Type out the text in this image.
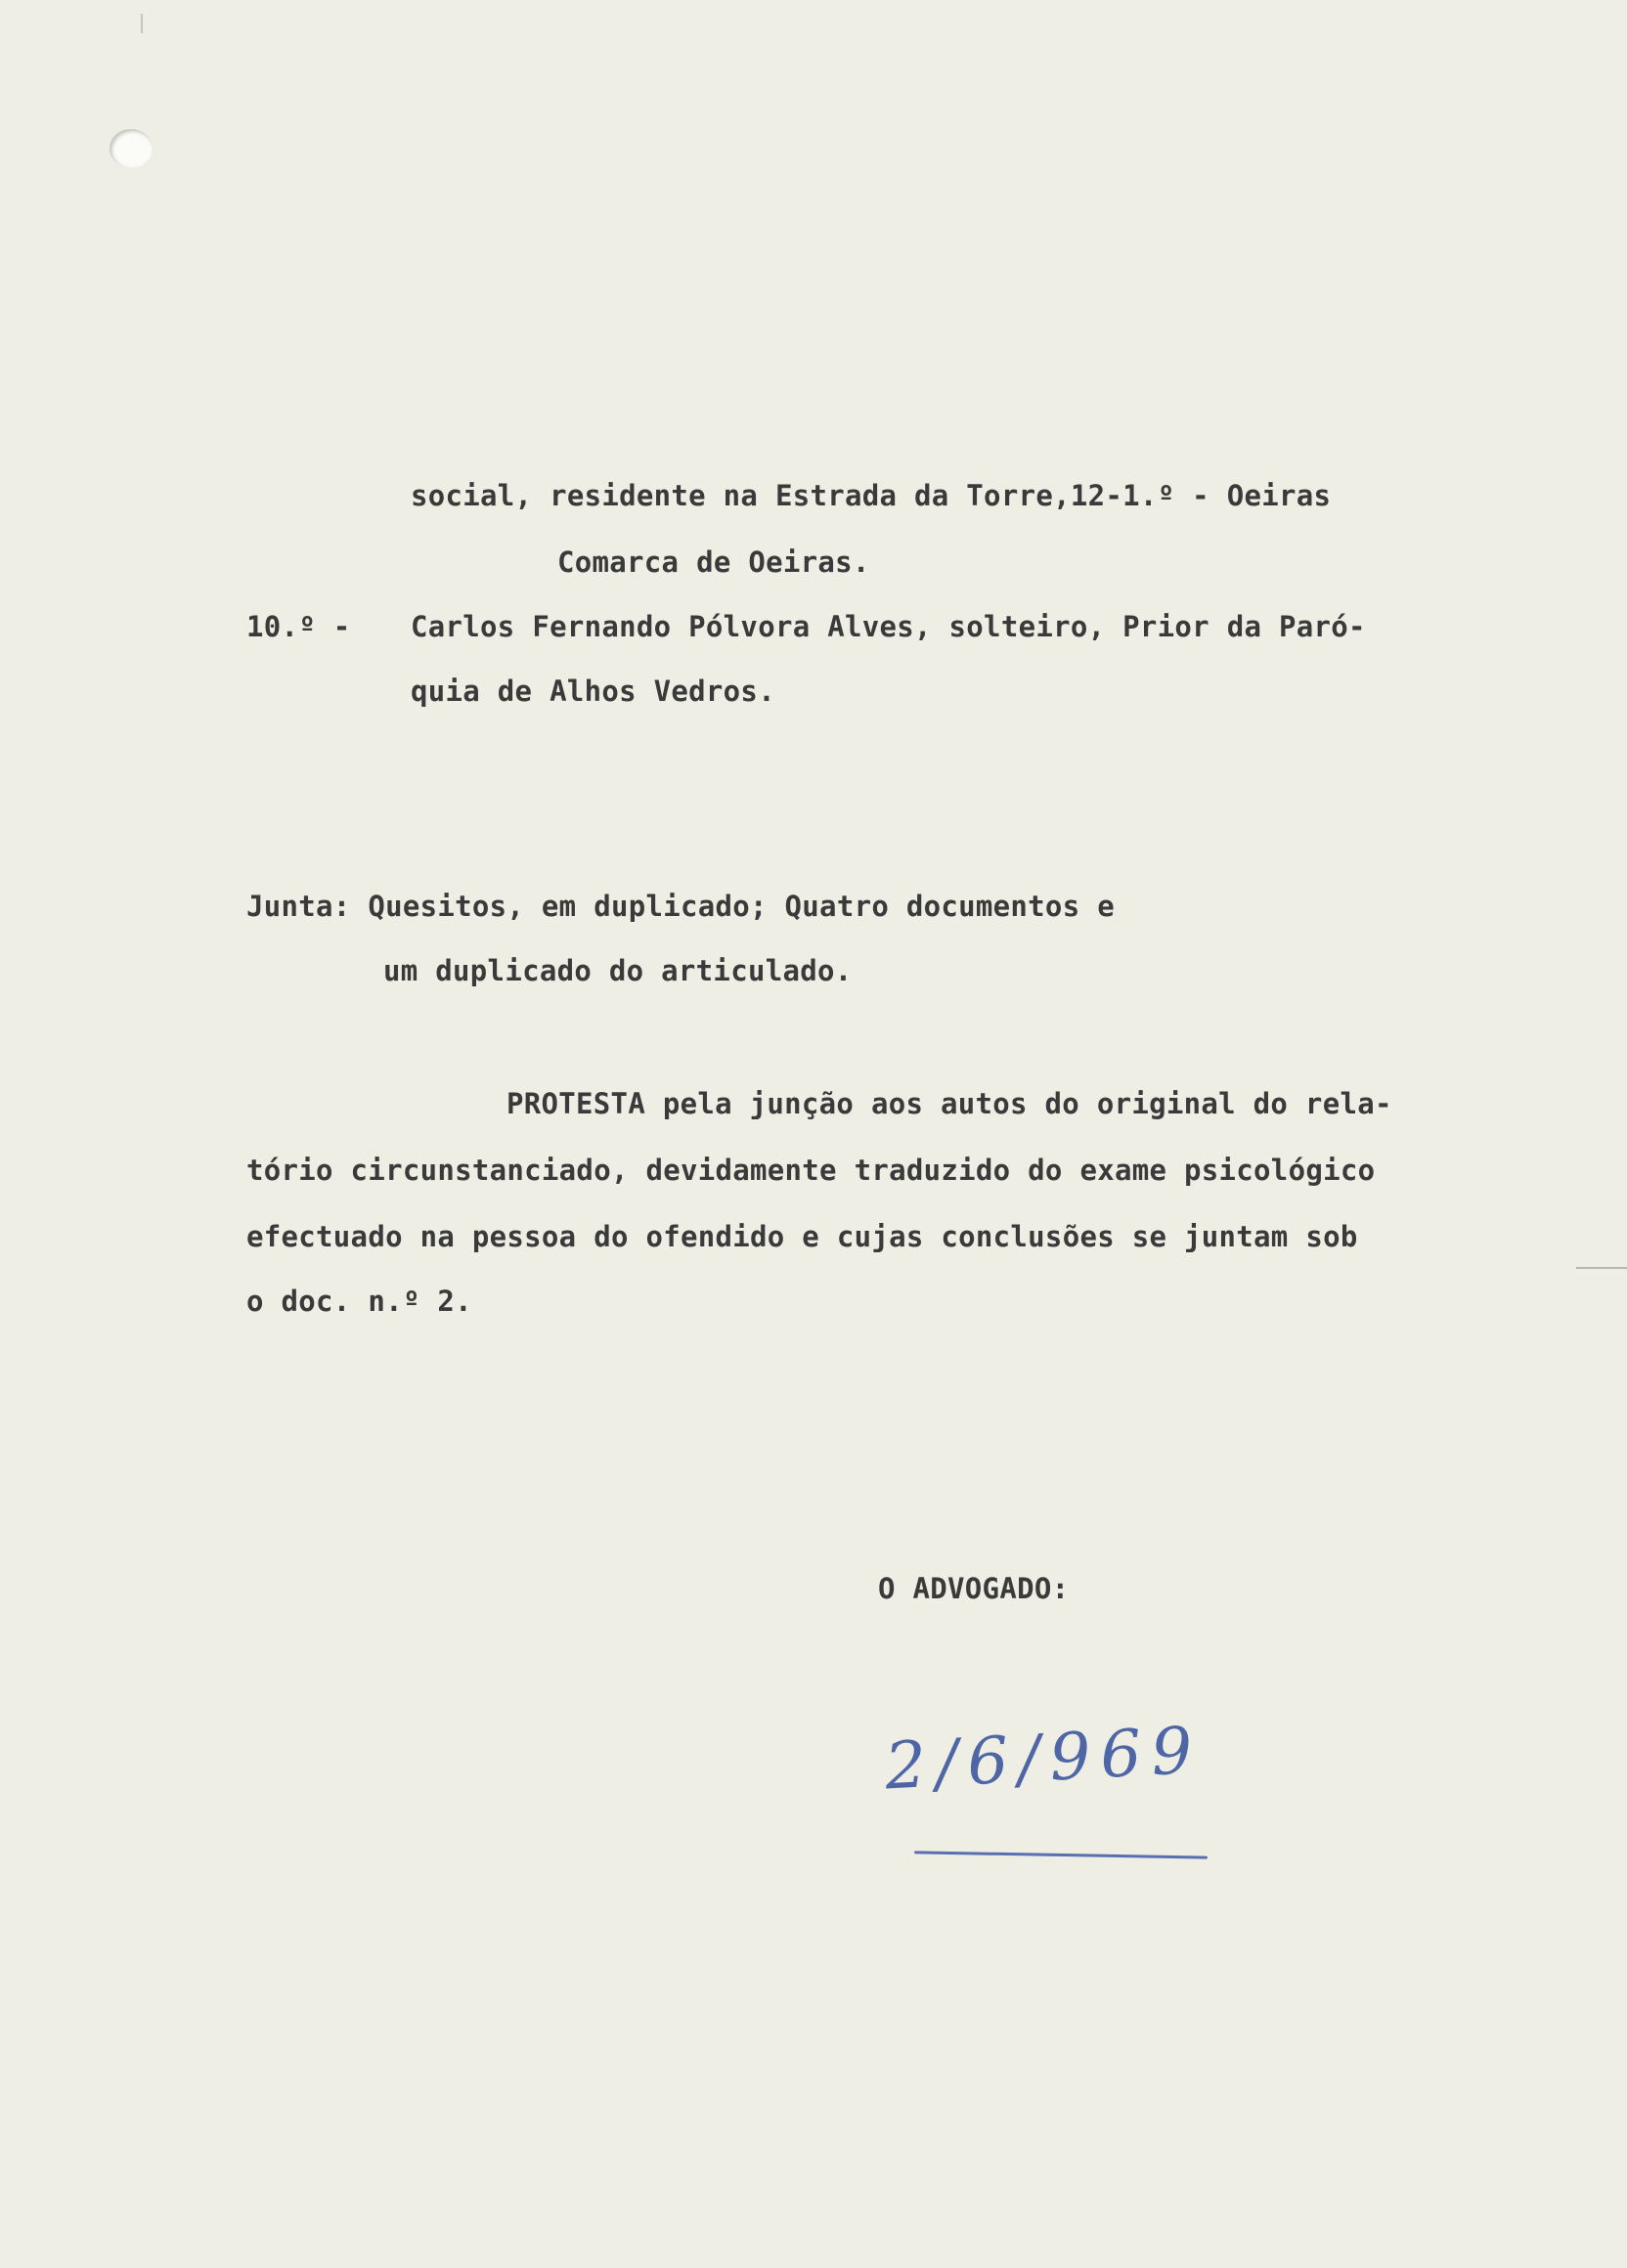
social, residente na Estrada da Torre,12-1.º - Oeiras
Comarca de Oeiras.
10.º - Carlos Fernando Pólvora Alves, solteiro, Prior da Paró-
quia de Alhos Vedros.
Junta: Quesitos, em duplicado; Quatro documentos e
um duplicado do articulado.
PROTESTA pela junção aos autos do original do rela-
tório circunstanciado, devidamente traduzido do exame psicológico
efectuado na pessoa do ofendido e cujas conclusões se juntam sob
o doc. n.º 2.
O ADVOGADO:
2/6/969
